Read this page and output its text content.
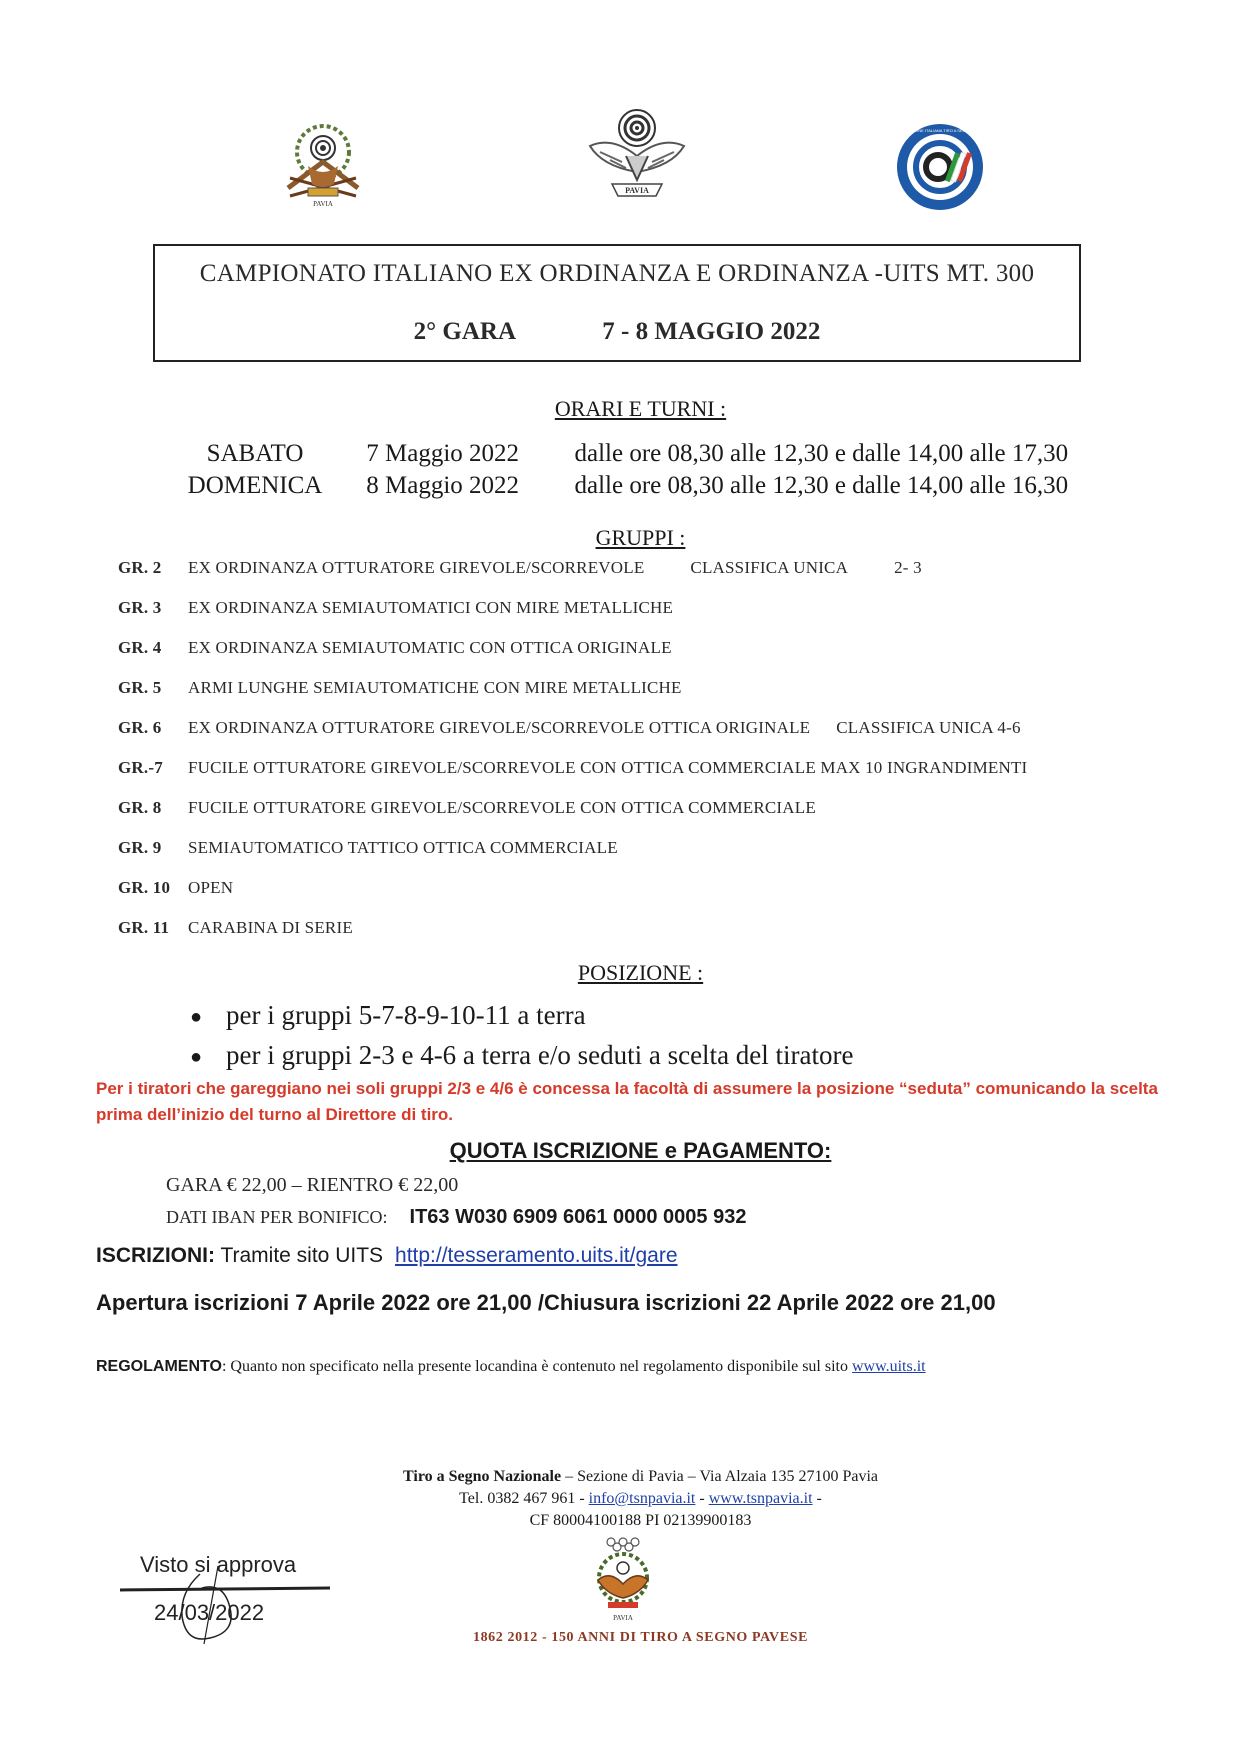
PAVIA
PAVIA
UNIONE ITALIANA TIRO A SEGNO
CAMPIONATO ITALIANO EX ORDINANZA E ORDINANZA -UITS MT. 300
2° GARA	7 - 8 MAGGIO 2022
ORARI E TURNI :
SABATO	7 Maggio 2022 dalle ore 08,30 alle 12,30 e dalle 14,00 alle 17,30
DOMENICA 8 Maggio 2022 dalle ore 08,30 alle 12,30 e dalle 14,00 alle 16,30
GRUPPI :
GR. 2 EX ORDINANZA OTTURATORE GIREVOLE/SCORREVOLE	CLASSIFICA UNICA	2- 3
GR. 3 EX ORDINANZA SEMIAUTOMATICI CON MIRE METALLICHE
GR. 4 EX ORDINANZA SEMIAUTOMATIC CON OTTICA ORIGINALE
GR. 5 ARMI LUNGHE SEMIAUTOMATICHE CON MIRE METALLICHE
GR. 6 EX ORDINANZA OTTURATORE GIREVOLE/SCORREVOLE OTTICA ORIGINALE CLASSIFICA UNICA 4-6
GR.-7 FUCILE OTTURATORE GIREVOLE/SCORREVOLE CON OTTICA COMMERCIALE MAX 10 INGRANDIMENTI
GR. 8 FUCILE OTTURATORE GIREVOLE/SCORREVOLE CON OTTICA COMMERCIALE
GR. 9 SEMIAUTOMATICO TATTICO OTTICA COMMERCIALE
GR. 10 OPEN
GR. 11 CARABINA DI SERIE
POSIZIONE :
● per i gruppi 5-7-8-9-10-11 a terra
● per i gruppi 2-3 e 4-6 a terra e/o seduti a scelta del tiratore
Per i tiratori che gareggiano nei soli gruppi 2/3 e 4/6 è concessa la facoltà di assumere la posizione “seduta” comunicando la scelta prima dell’inizio del turno al Direttore di tiro.
QUOTA ISCRIZIONE e PAGAMENTO:
GARA € 22,00 – RIENTRO € 22,00
DATI IBAN PER BONIFICO: IT63 W030 6909 6061 0000 0005 932
ISCRIZIONI: Tramite sito UITS http://tesseramento.uits.it/gare
Apertura iscrizioni 7 Aprile 2022 ore 21,00 /Chiusura iscrizioni 22 Aprile 2022 ore 21,00
REGOLAMENTO: Quanto non specificato nella presente locandina è contenuto nel regolamento disponibile sul sito www.uits.it
Tiro a Segno Nazionale – Sezione di Pavia – Via Alzaia 135 27100 Pavia
Tel. 0382 467 961 - info@tsnpavia.it - www.tsnpavia.it -
CF 80004100188 PI 02139900183
PAVIA
1862 2012 - 150 ANNI DI TIRO A SEGNO PAVESE
Visto si approva
24/03/2022
